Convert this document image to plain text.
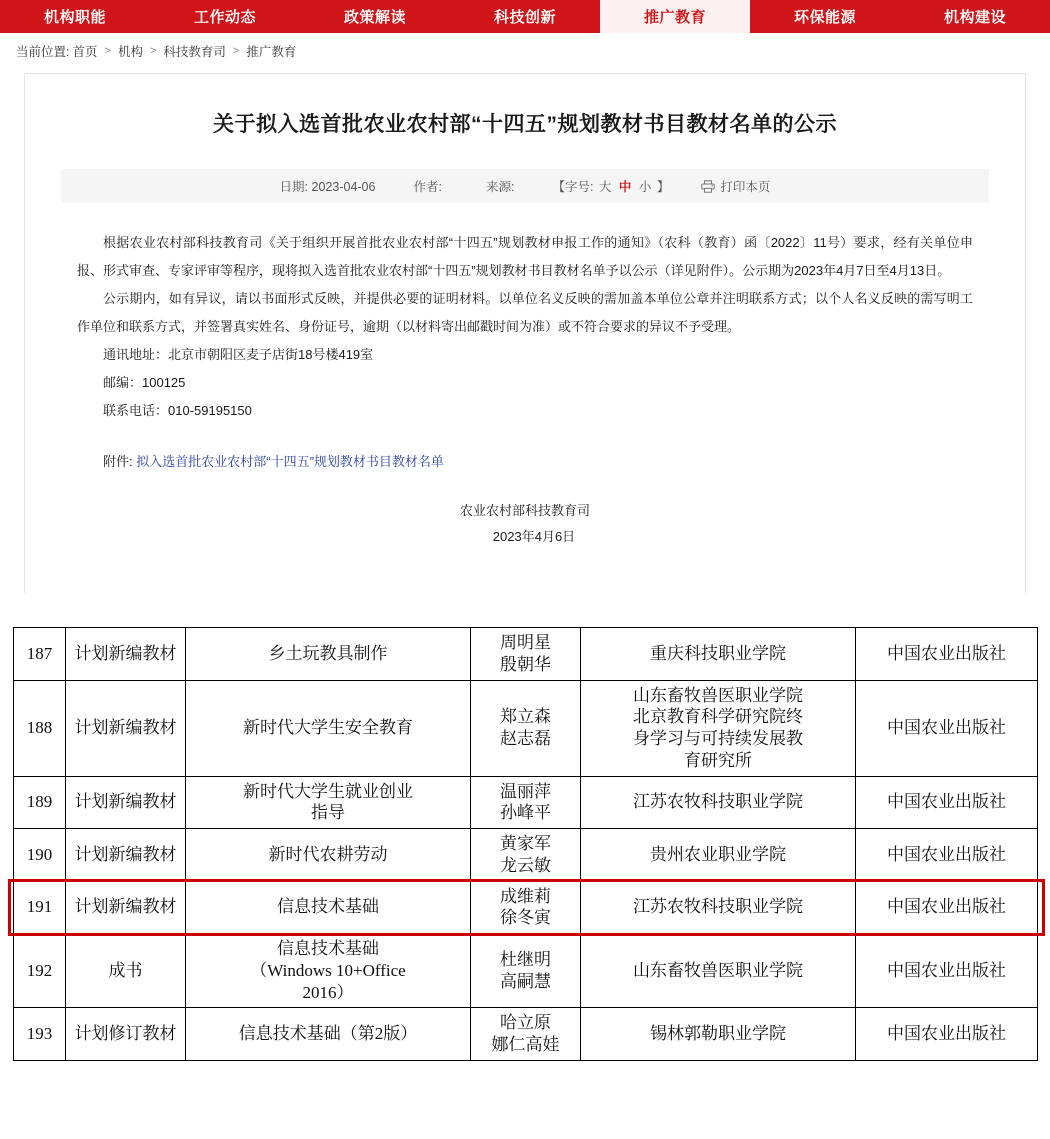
机构职能	工作动态	政策解读	科技创新	推广教育	环保能源	机构建设
当前位置: 首页 > 机构 > 科技教育司 > 推广教育
关于拟入选首批农业农村部“十四五”规划教材书目教材名单的公示
日期: 2023-04-06	作者:	来源:	【字号: 大 中 小 】	打印本页

根据农业农村部科技教育司《关于组织开展首批农业农村部“十四五”规划教材申报工作的通知》（农科（教育）函〔2022〕11号）要求，经有关单位申报、形式审查、专家评审等程序，现将拟入选首批农业农村部“十四五”规划教材书目教材名单予以公示（详见附件）。公示期为2023年4月7日至4月13日。

公示期内，如有异议，请以书面形式反映，并提供必要的证明材料。以单位名义反映的需加盖本单位公章并注明联系方式；以个人名义反映的需写明工作单位和联系方式，并签署真实姓名、身份证号，逾期（以材料寄出邮戳时间为准）或不符合要求的异议不予受理。

通讯地址：北京市朝阳区麦子店街18号楼419室

邮编：100125

联系电话：010-59195150

附件: 拟入选首批农业农村部“十四五”规划教材书目教材名单
农业农村部科技教育司
2023年4月6日
187	计划新编教材	乡土玩教具制作	周明星
殷朝华	重庆科技职业学院	中国农业出版社
188	计划新编教材	新时代大学生安全教育	郑立森
赵志磊	山东畜牧兽医职业学院
北京教育科学研究院终
身学习与可持续发展教
育研究所	中国农业出版社
189	计划新编教材	新时代大学生就业创业
指导	温丽萍
孙峰平	江苏农牧科技职业学院	中国农业出版社
190	计划新编教材	新时代农耕劳动	黄家军
龙云敏	贵州农业职业学院	中国农业出版社
191	计划新编教材	信息技术基础	成维莉
徐冬寅	江苏农牧科技职业学院	中国农业出版社
192	成书	信息技术基础
（Windows 10+Office
2016）	杜继明
高嗣慧	山东畜牧兽医职业学院	中国农业出版社
193	计划修订教材	信息技术基础（第2版）	哈立原
娜仁高娃	锡林郭勒职业学院	中国农业出版社
